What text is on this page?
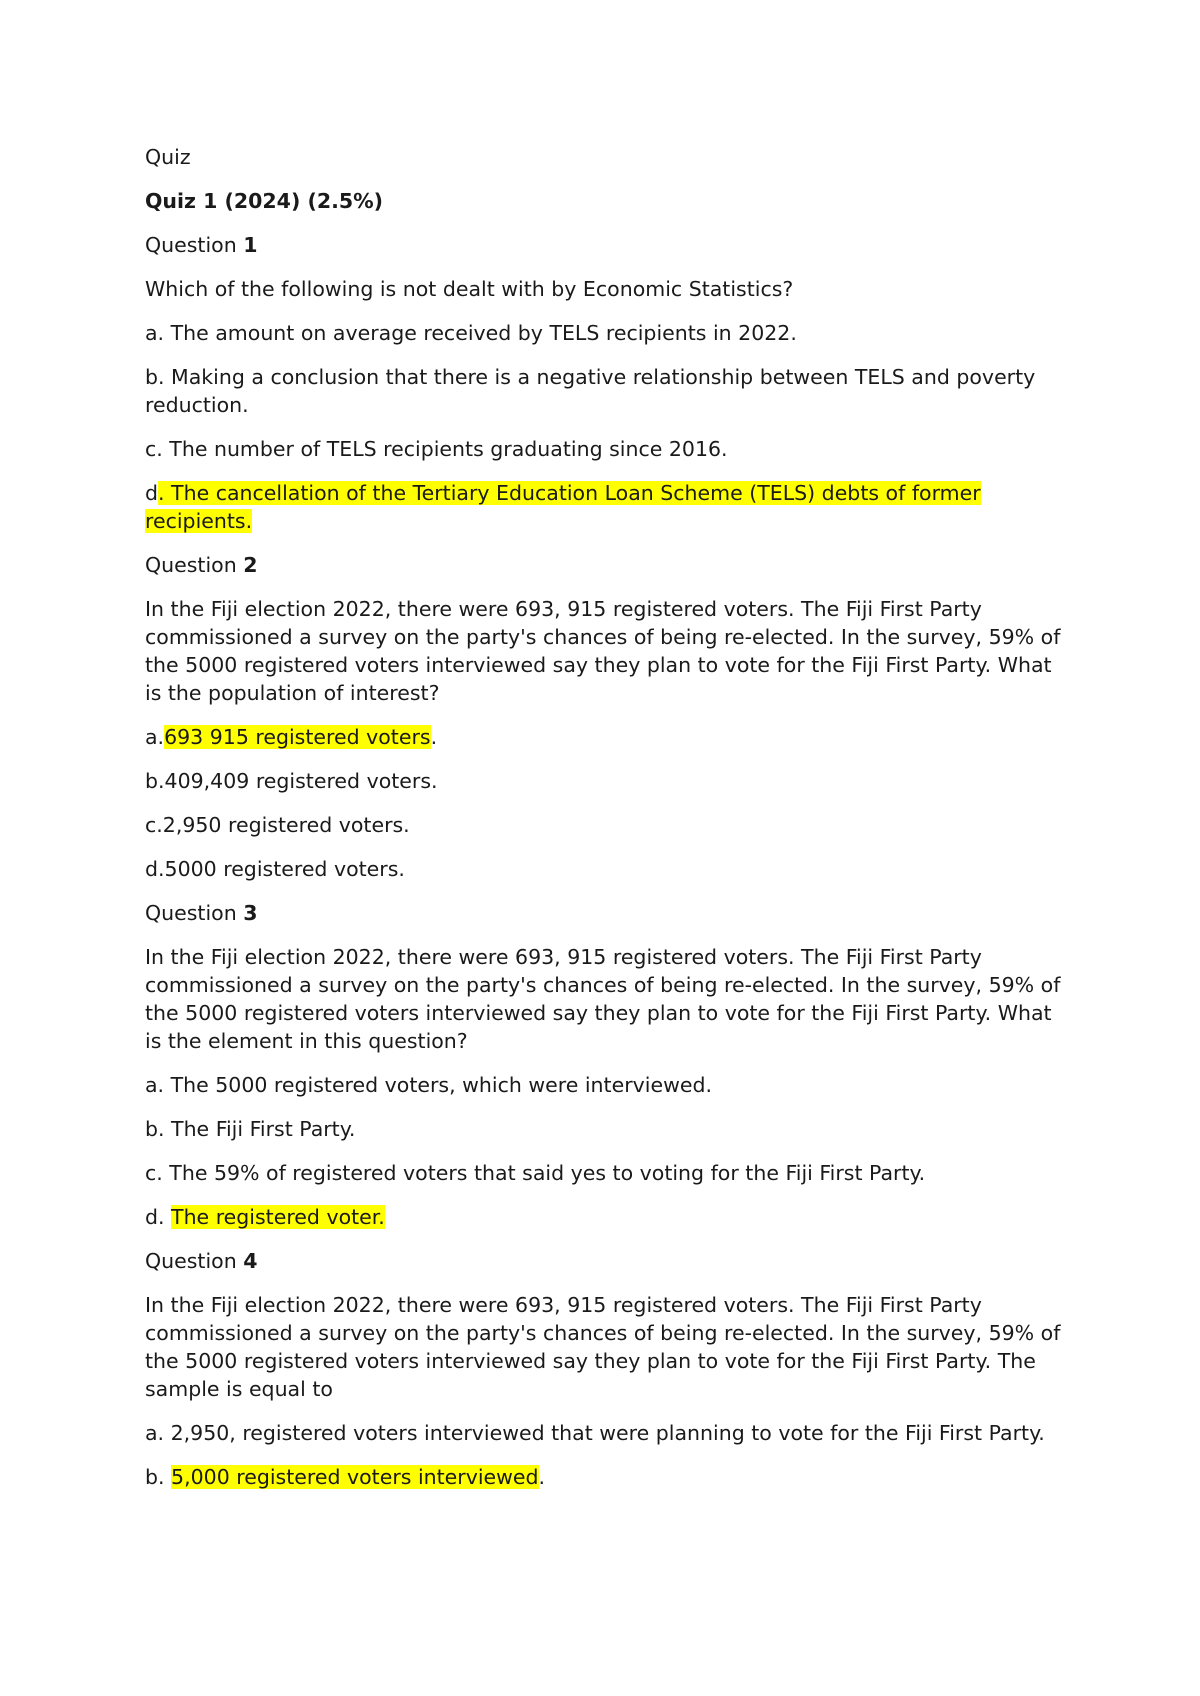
Quiz

Quiz 1 (2024) (2.5%)

Question 1

Which of the following is not dealt with by Economic Statistics?

a. The amount on average received by TELS recipients in 2022.

b. Making a conclusion that there is a negative relationship between TELS and poverty reduction.

c. The number of TELS recipients graduating since 2016.

d. The cancellation of the Tertiary Education Loan Scheme (TELS) debts of former recipients.

Question 2

In the Fiji election 2022, there were 693, 915 registered voters. The Fiji First Party commissioned a survey on the party's chances of being re-elected. In the survey, 59% of the 5000 registered voters interviewed say they plan to vote for the Fiji First Party. What is the population of interest?

a.693 915 registered voters.

b.409,409 registered voters.

c.2,950 registered voters.

d.5000 registered voters.

Question 3

In the Fiji election 2022, there were 693, 915 registered voters. The Fiji First Party commissioned a survey on the party's chances of being re-elected. In the survey, 59% of the 5000 registered voters interviewed say they plan to vote for the Fiji First Party. What is the element in this question?

a. The 5000 registered voters, which were interviewed.

b. The Fiji First Party.

c. The 59% of registered voters that said yes to voting for the Fiji First Party.

d. The registered voter.

Question 4

In the Fiji election 2022, there were 693, 915 registered voters. The Fiji First Party commissioned a survey on the party's chances of being re-elected. In the survey, 59% of the 5000 registered voters interviewed say they plan to vote for the Fiji First Party. The sample is equal to

a. 2,950, registered voters interviewed that were planning to vote for the Fiji First Party.

b. 5,000 registered voters interviewed.
